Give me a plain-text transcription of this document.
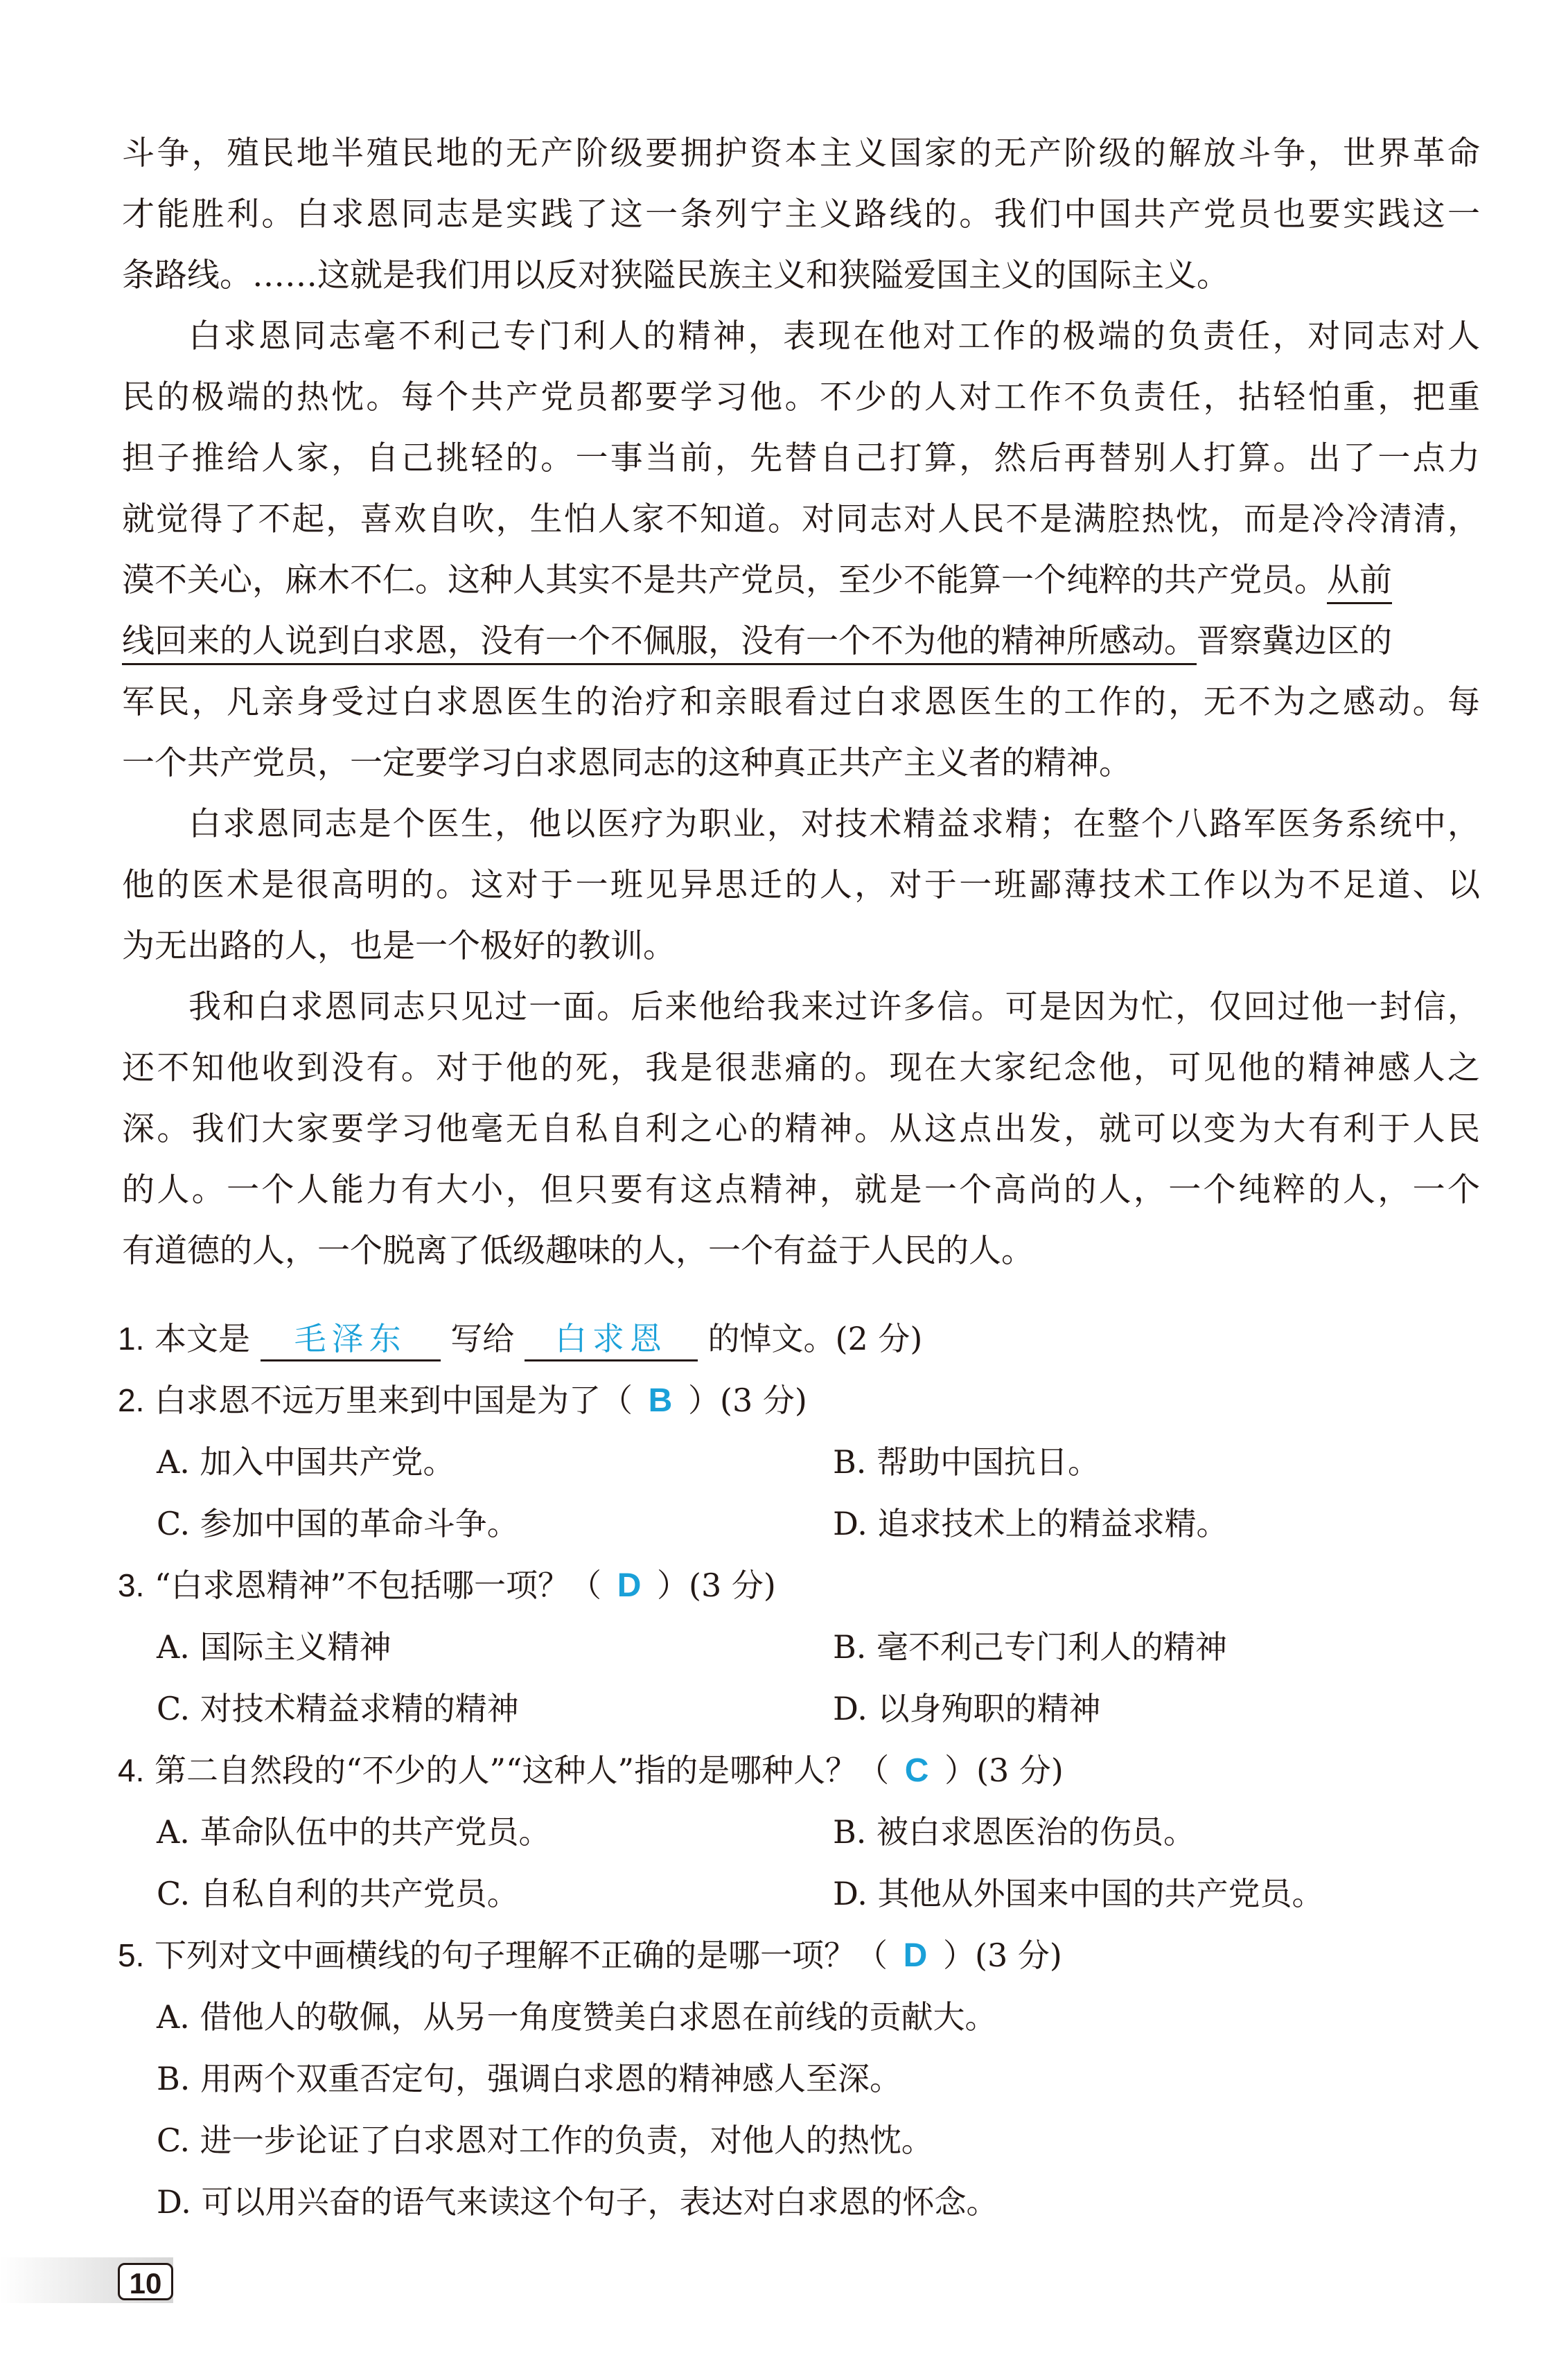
斗争，殖民地半殖民地的无产阶级要拥护资本主义国家的无产阶级的解放斗争，世界革命
才能胜利。白求恩同志是实践了这一条列宁主义路线的。我们中国共产党员也要实践这一
条路线。……这就是我们用以反对狭隘民族主义和狭隘爱国主义的国际主义。
白求恩同志毫不利己专门利人的精神，表现在他对工作的极端的负责任，对同志对人
民的极端的热忱。每个共产党员都要学习他。不少的人对工作不负责任，拈轻怕重，把重
担子推给人家，自己挑轻的。一事当前，先替自己打算，然后再替别人打算。出了一点力
就觉得了不起，喜欢自吹，生怕人家不知道。对同志对人民不是满腔热忱，而是冷冷清清，
漠不关心，麻木不仁。这种人其实不是共产党员，至少不能算一个纯粹的共产党员。从前
线回来的人说到白求恩，没有一个不佩服，没有一个不为他的精神所感动。晋察冀边区的
军民，凡亲身受过白求恩医生的治疗和亲眼看过白求恩医生的工作的，无不为之感动。每
一个共产党员，一定要学习白求恩同志的这种真正共产主义者的精神。
白求恩同志是个医生，他以医疗为职业，对技术精益求精；在整个八路军医务系统中，
他的医术是很高明的。这对于一班见异思迁的人，对于一班鄙薄技术工作以为不足道、以
为无出路的人，也是一个极好的教训。
我和白求恩同志只见过一面。后来他给我来过许多信。可是因为忙，仅回过他一封信，
还不知他收到没有。对于他的死，我是很悲痛的。现在大家纪念他，可见他的精神感人之
深。我们大家要学习他毫无自私自利之心的精神。从这点出发，就可以变为大有利于人民
的人。一个人能力有大小，但只要有这点精神，就是一个高尚的人，一个纯粹的人，一个
有道德的人，一个脱离了低级趣味的人，一个有益于人民的人。
1. 本文是 毛泽东 写给 白求恩 的悼文。(2 分)
2. 白求恩不远万里来到中国是为了（ B ）(3 分)
A. 加入中国共产党。	B. 帮助中国抗日。
C. 参加中国的革命斗争。	D. 追求技术上的精益求精。
3. “白求恩精神”不包括哪一项？（ D ）(3 分)
A. 国际主义精神	B. 毫不利己专门利人的精神
C. 对技术精益求精的精神	D. 以身殉职的精神
4. 第二自然段的“不少的人”“这种人”指的是哪种人？（ C ）(3 分)
A. 革命队伍中的共产党员。	B. 被白求恩医治的伤员。
C. 自私自利的共产党员。	D. 其他从外国来中国的共产党员。
5. 下列对文中画横线的句子理解不正确的是哪一项？（ D ）(3 分)
A. 借他人的敬佩，从另一角度赞美白求恩在前线的贡献大。
B. 用两个双重否定句，强调白求恩的精神感人至深。
C. 进一步论证了白求恩对工作的负责，对他人的热忱。
D. 可以用兴奋的语气来读这个句子，表达对白求恩的怀念。
10
